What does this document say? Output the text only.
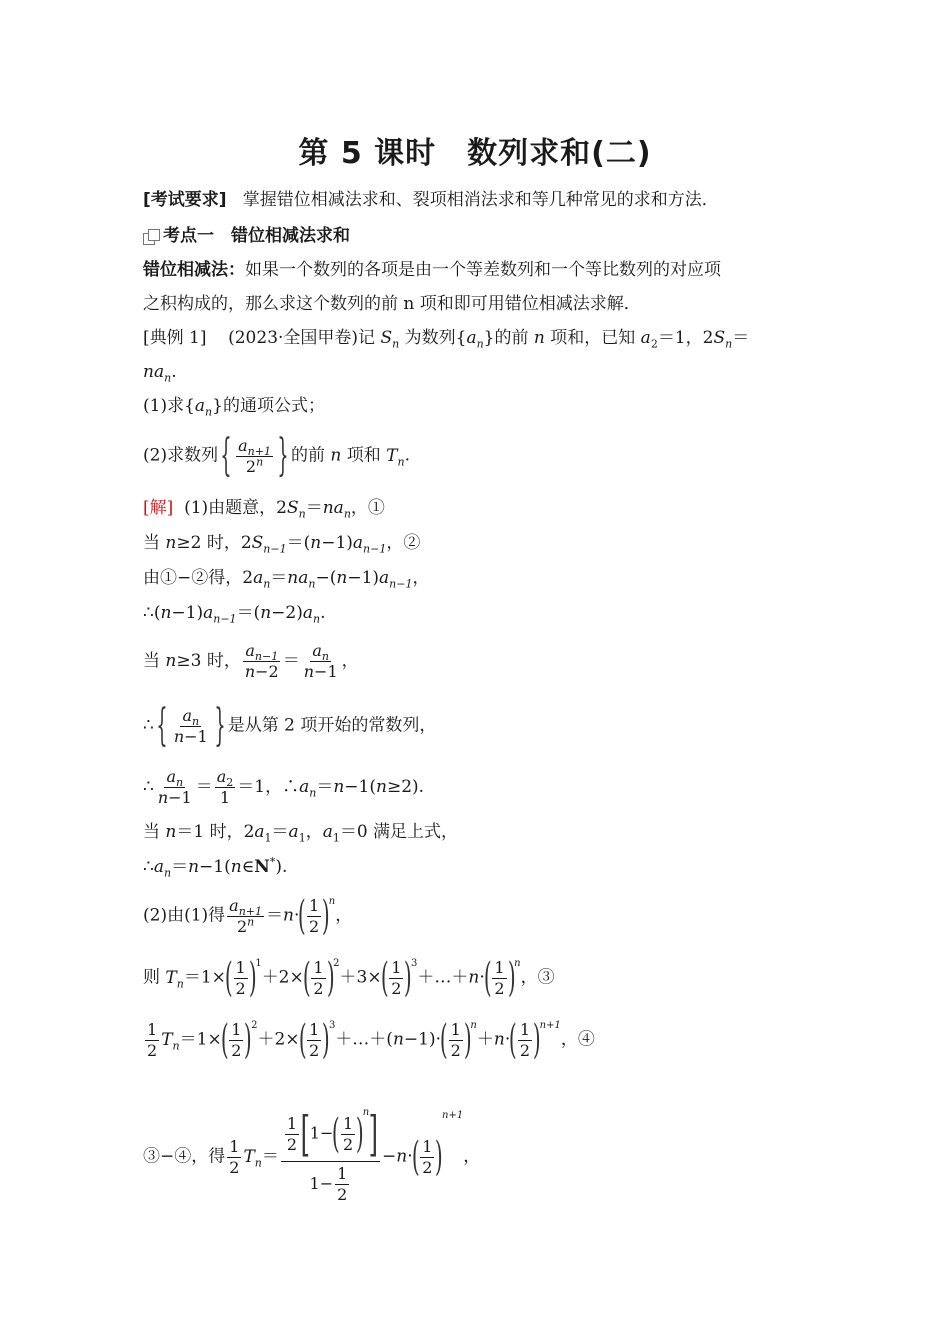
第 5 课时　数列求和(二)
[考试要求] 掌握错位相减法求和、裂项相消法求和等几种常见的求和方法．
考点一　错位相减法求和
错位相减法：如果一个数列的各项是由一个等差数列和一个等比数列的对应项
之积构成的，那么求这个数列的前 n 项和即可用错位相减法求解．
[典例 1] (2023·全国甲卷)记 $S_n$ 为数列$\{a_n\}$的前 n 项和，已知 $a_2=1$，$2S_n=$
$na_n$.
(1)求$\{a_n\}$的通项公式；
(2)求数列{ $\frac{a_{n+1}}{2^n}$ } 的前 n 项和 $T_n$.
[解]  (1)由题意，$2S_n=na_n$，①
当 n≥2 时，$2S_{n-1}=(n-1)a_{n-1}$，②
由①−②得，$2a_n=na_n-(n-1)a_{n-1}$，
$\therefore(n-1)a_{n-1}=(n-2)a_n$.
当 n≥3 时， $\frac{a_{n-1}}{n-2} = \frac{a_n}{n-1}$ ，
∴{ $\frac{a_n}{n-1}$ } 是从第 2 项开始的常数列，
∴ $\frac{a_n}{n-1} = \frac{a_2}{1} =1$，$\therefore a_n=n-1(n\ge 2)$.
当 n＝1 时，$2a_1=a_1$，$a_1=0$ 满足上式，
$\therefore a_n=n-1(n\in N^*)$.
(2)由(1)得 $\frac{a_{n+1}}{2^n} =n\cdot( \frac{1}{2} )^n$，
则 $T_n=1\times( \frac{1}{2} )^1+2\times( \frac{1}{2} )^2+3\times( \frac{1}{2}$ )$^3+\dots+n\cdot( \frac{1}{2} )^n$，③
$\frac{1}{2} T_n=1\times( \frac{1}{2} )^2+2\times( \frac{1}{2}$ )$^3+\dots+(n-1)\cdot( \frac{1}{2} )^n+n\cdot( \frac{1}{2} )^{n+1}$，④
③−④，得 $\frac{1}{2} T_n= \frac{\frac{1}{2} [1-( \frac{1}{2} )^n]}{1- \frac{1}{2}} -n\cdot( \frac{1}{2} )^{n+1}$，
